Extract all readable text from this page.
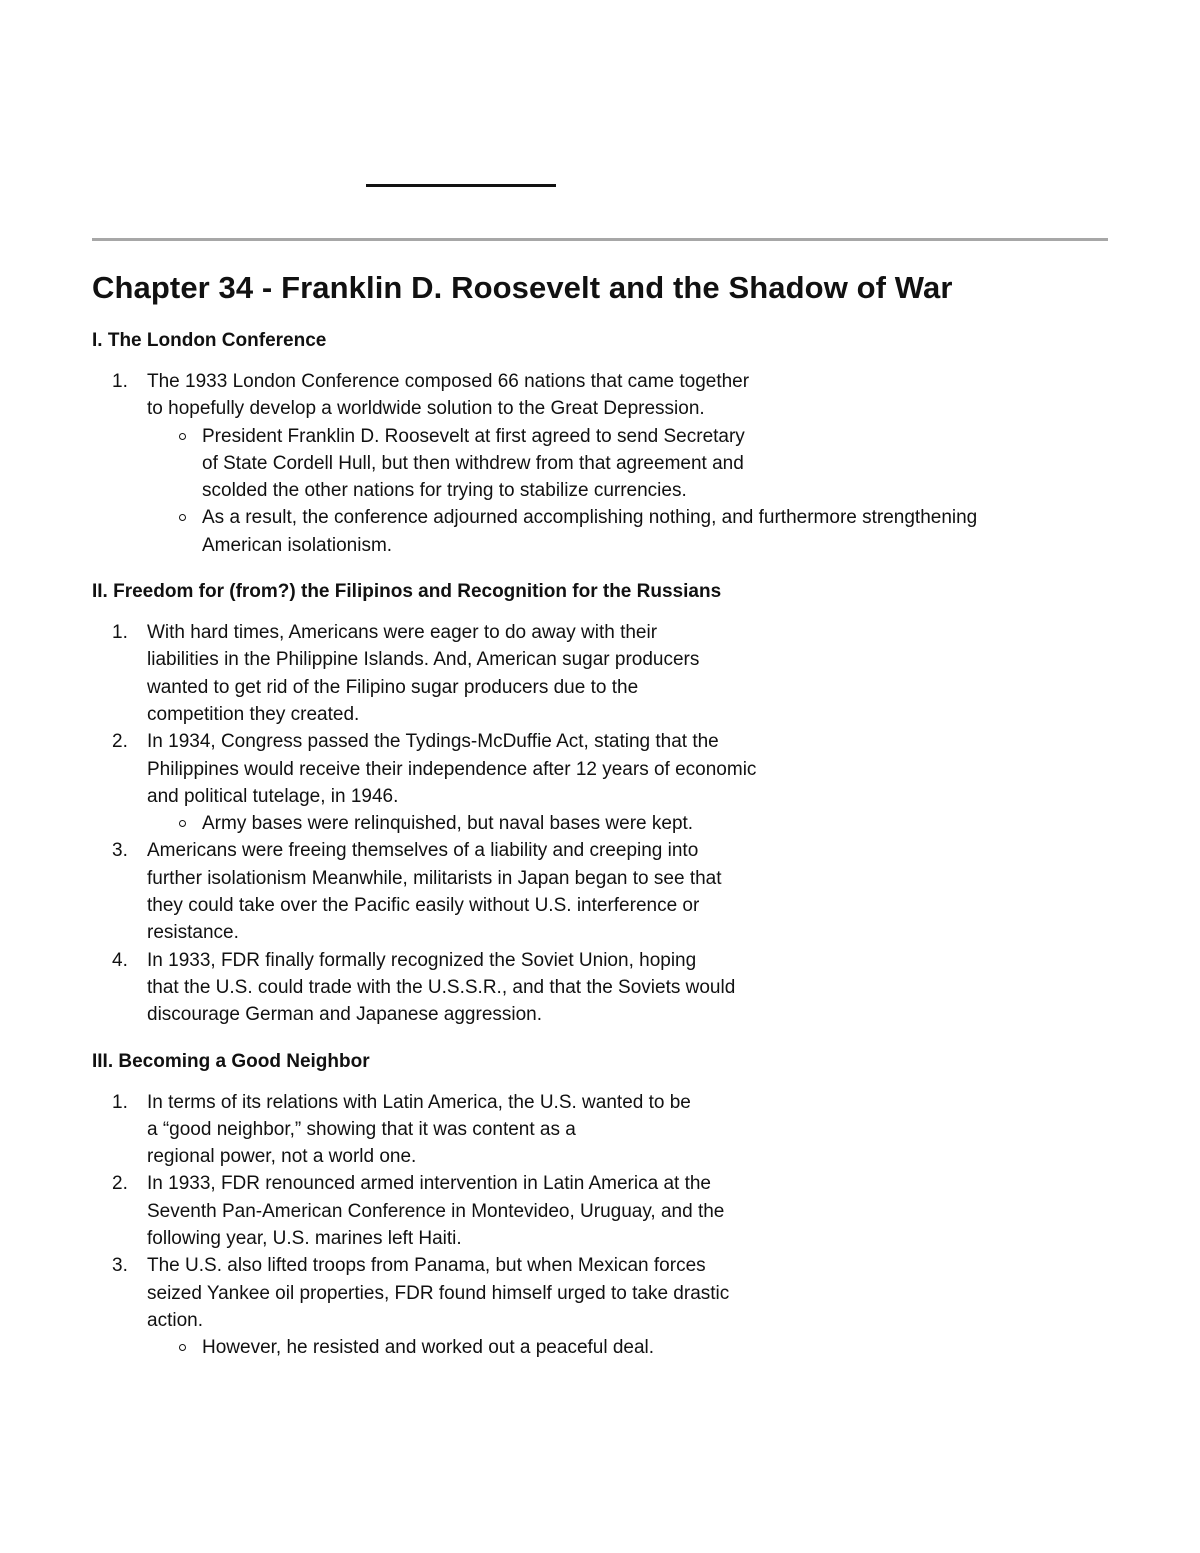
Chapter 34 - Franklin D. Roosevelt and the Shadow of War
I. The London Conference
1.	The 1933 London Conference composed 66 nations that came together
to hopefully develop a worldwide solution to the Great Depression.
President Franklin D. Roosevelt at first agreed to send Secretary
of State Cordell Hull, but then withdrew from that agreement and
scolded the other nations for trying to stabilize currencies.
As a result, the conference adjourned accomplishing nothing, and furthermore strengthening
American isolationism.
II. Freedom for (from?) the Filipinos and Recognition for the Russians
1.	With hard times, Americans were eager to do away with their
liabilities in the Philippine Islands. And, American sugar producers
wanted to get rid of the Filipino sugar producers due to the
competition they created.
2.	In 1934, Congress passed the Tydings-McDuffie Act, stating that the
Philippines would receive their independence after 12 years of economic
and political tutelage, in 1946.
Army bases were relinquished, but naval bases were kept.
3.	Americans were freeing themselves of a liability and creeping into
further isolationism Meanwhile, militarists in Japan began to see that
they could take over the Pacific easily without U.S. interference or
resistance.
4.	In 1933, FDR finally formally recognized the Soviet Union, hoping
that the U.S. could trade with the U.S.S.R., and that the Soviets would
discourage German and Japanese aggression.
III. Becoming a Good Neighbor
1.	In terms of its relations with Latin America, the U.S. wanted to be
a “good neighbor,” showing that it was content as a
regional power, not a world one.
2.	In 1933, FDR renounced armed intervention in Latin America at the
Seventh Pan-American Conference in Montevideo, Uruguay, and the
following year, U.S. marines left Haiti.
3.	The U.S. also lifted troops from Panama, but when Mexican forces
seized Yankee oil properties, FDR found himself urged to take drastic
action.
However, he resisted and worked out a peaceful deal.
